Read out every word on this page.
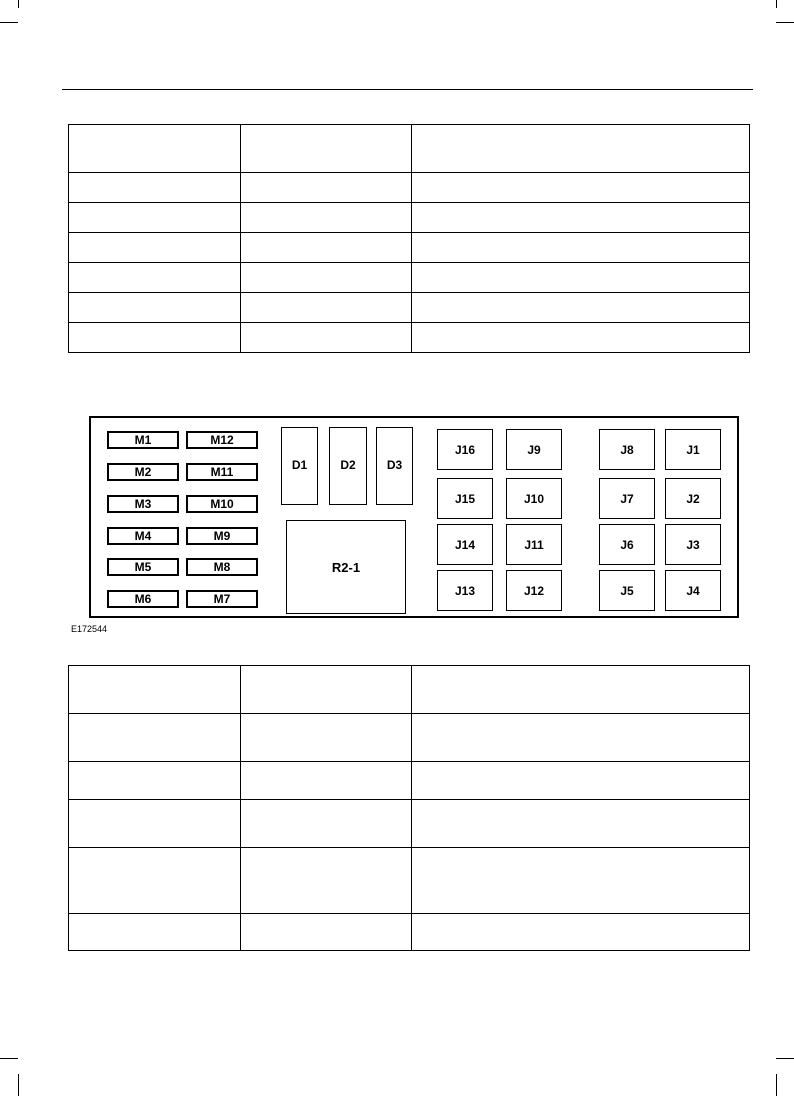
M1
M2
M3
M4
M5
M6
M12
M11
M10
M9
M8
M7
D1	D2	D3
R2-1
J16
J15
J14
J13
J9
J10
J11
J12
J8
J7
J6
J5
J1
J2
J3
J4
E172544
